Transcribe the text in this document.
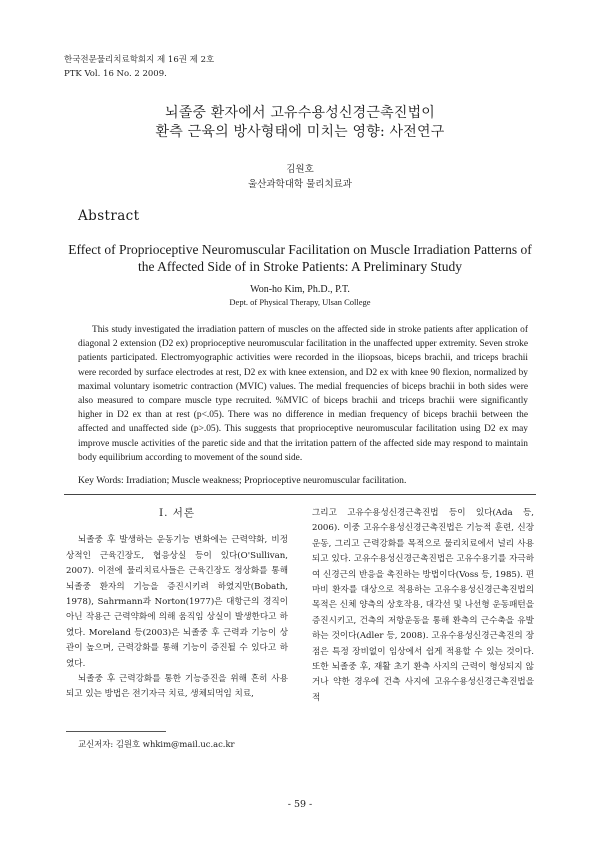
한국전문물리치료학회지 제 16권 제 2호
PTK Vol. 16 No. 2 2009.
뇌졸중 환자에서 고유수용성신경근촉진법이
환측 근육의 방사형태에 미치는 영향: 사전연구
김원호
울산과학대학 물리치료과
Abstract
Effect of Proprioceptive Neuromuscular Facilitation on Muscle Irradiation Patterns of
the Affected Side of in Stroke Patients: A Preliminary Study
Won-ho Kim, Ph.D., P.T.
Dept. of Physical Therapy, Ulsan College
This study investigated the irradiation pattern of muscles on the affected side in stroke patients after application of diagonal 2 extension (D2 ex) proprioceptive neuromuscular facilitation in the unaffected upper extremity. Seven stroke patients participated. Electromyographic activities were recorded in the iliopsoas, biceps brachii, and triceps brachii were recorded by surface electrodes at rest, D2 ex with knee extension, and D2 ex with knee 90 flexion, normalized by maximal voluntary isometric contraction (MVIC) values. The medial frequencies of biceps brachii in both sides were also measured to compare muscle type recruited. %MVIC of biceps brachii and triceps brachii were significantly higher in D2 ex than at rest (p<.05). There was no difference in median frequency of biceps brachii between the affected and unaffected side (p>.05). This suggests that proprioceptive neuromuscular facilitation using D2 ex may improve muscle activities of the paretic side and that the irritation pattern of the affected side may respond to maintain body equilibrium according to movement of the sound side.
Key Words: Irradiation; Muscle weakness; Proprioceptive neuromuscular facilitation.

Ⅰ. 서론

뇌졸중 후 발생하는 운동기능 변화에는 근력약화, 비정상적인 근육긴장도, 협응상실 등이 있다(O'Sullivan, 2007). 이전에 물리치료사들은 근육긴장도 정상화를 통해 뇌졸중 환자의 기능을 증진시키려 하였지만(Bobath, 1978), Sahrmann과 Norton(1977)은 대항근의 경직이 아닌 작용근 근력약화에 의해 움직임 상실이 발생한다고 하였다. Moreland 등(2003)은 뇌졸중 후 근력과 기능이 상관이 높으며, 근력강화를 통해 기능이 증진될 수 있다고 하였다.

뇌졸중 후 근력강화를 통한 기능증진을 위해 흔히 사용되고 있는 방법은 전기자극 치료, 생체되먹임 치료,

그리고 고유수용성신경근촉진법 등이 있다(Ada 등, 2006). 이중 고유수용성신경근촉진법은 기능적 훈련, 신장운동, 그리고 근력강화를 목적으로 물리치료에서 널리 사용되고 있다. 고유수용성신경근촉진법은 고유수용기를 자극하여 신경근의 반응을 촉진하는 방법이다(Voss 등, 1985). 편마비 환자를 대상으로 적용하는 고유수용성신경근촉진법의 목적은 신체 양측의 상호작용, 대각선 및 나선형 운동패턴을 증진시키고, 건측의 저항운동을 통해 환측의 근수축을 유발하는 것이다(Adler 등, 2008). 고유수용성신경근촉진의 장점은 특정 장비없이 임상에서 쉽게 적용할 수 있는 것이다. 또한 뇌졸중 후, 재활 초기 환측 사지의 근력이 형성되지 않거나 약한 경우에 건측 사지에 고유수용성신경근촉진법을 적

교신저자: 김원호 whkim@mail.uc.ac.kr
- 59 -
